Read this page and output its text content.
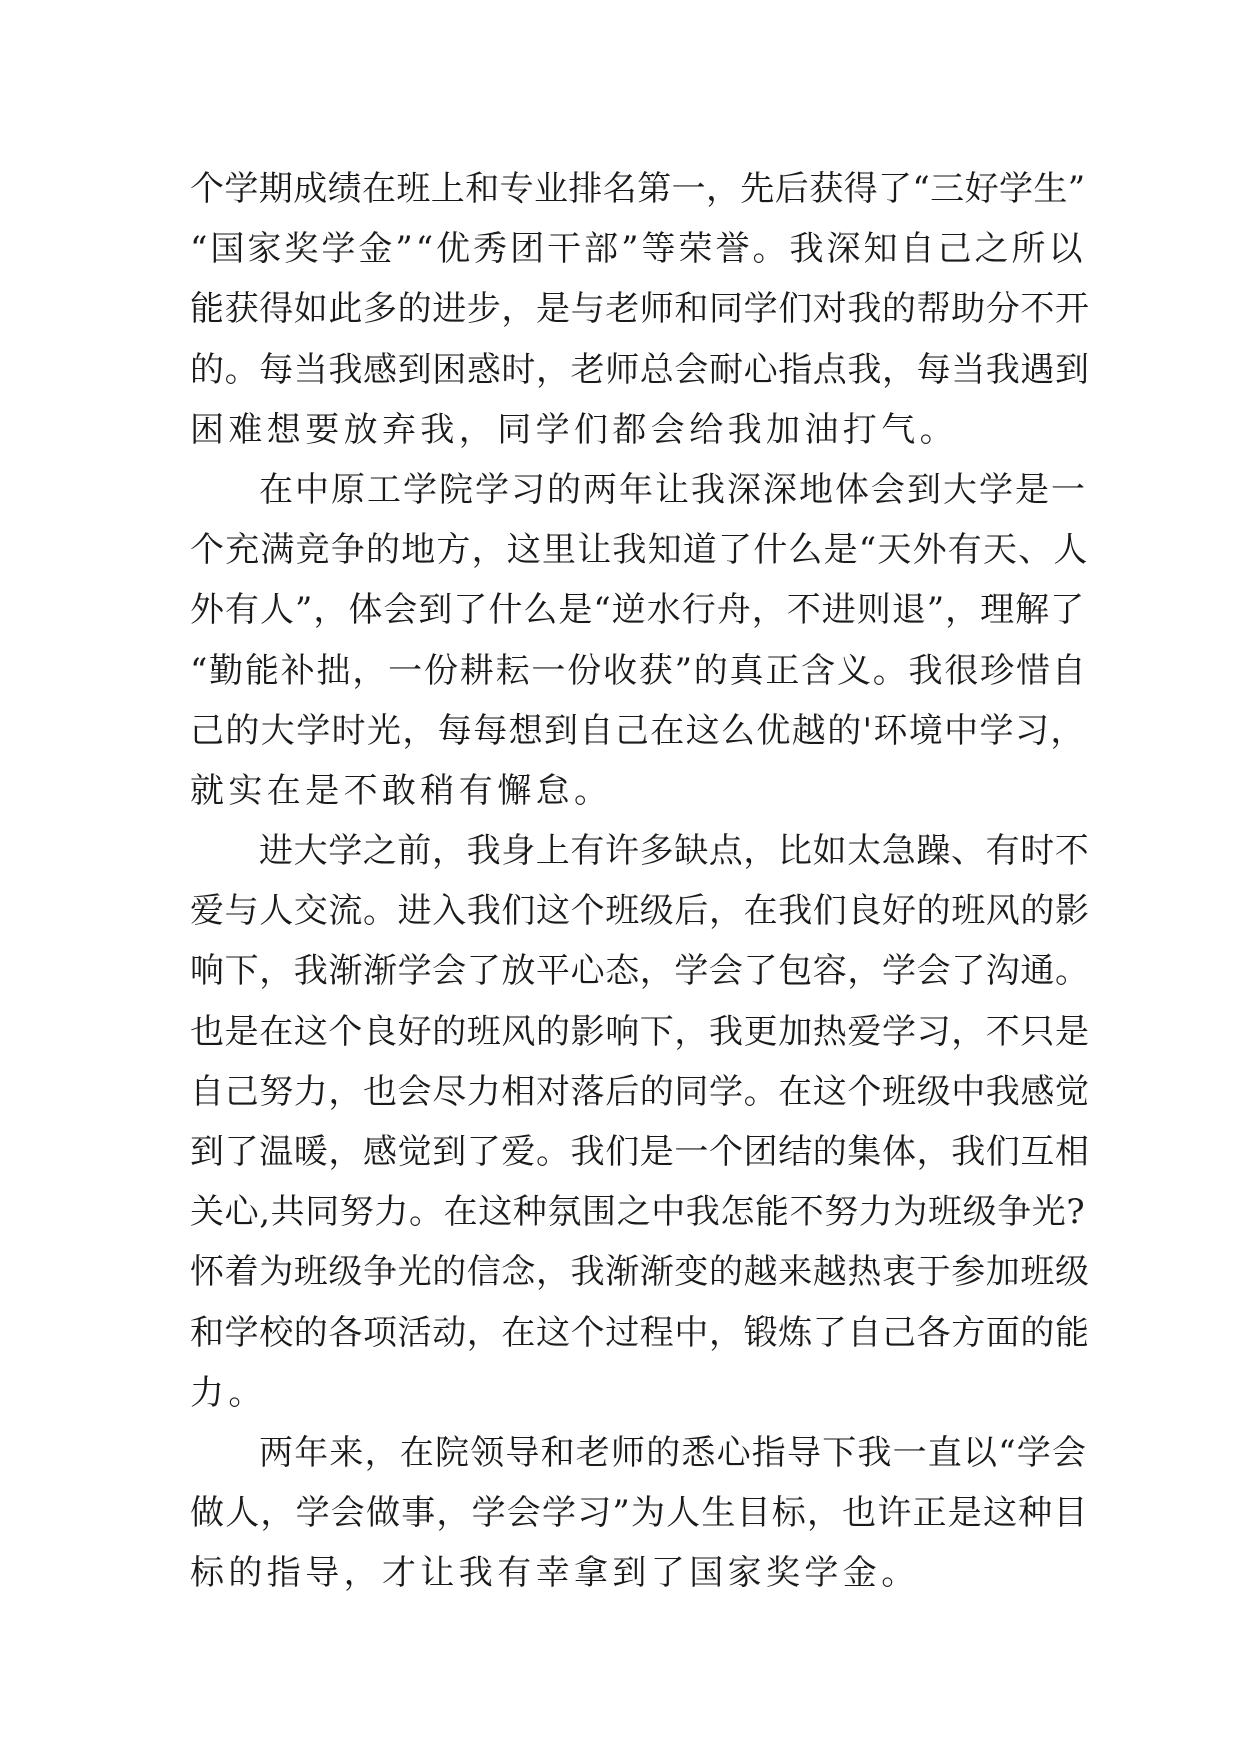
个学期成绩在班上和专业排名第一，先后获得了“三好学生”
“国家奖学金”“优秀团干部”等荣誉。我深知自己之所以
能获得如此多的进步，是与老师和同学们对我的帮助分不开
的。每当我感到困惑时，老师总会耐心指点我，每当我遇到
困难想要放弃我，同学们都会给我加油打气。
在中原工学院学习的两年让我深深地体会到大学是一
个充满竞争的地方，这里让我知道了什么是“天外有天、人
外有人”，体会到了什么是“逆水行舟，不进则退”，理解了
“勤能补拙，一份耕耘一份收获”的真正含义。我很珍惜自
己的大学时光，每每想到自己在这么优越的'环境中学习，
就实在是不敢稍有懈怠。
进大学之前，我身上有许多缺点，比如太急躁、有时不
爱与人交流。进入我们这个班级后，在我们良好的班风的影
响下，我渐渐学会了放平心态，学会了包容，学会了沟通。
也是在这个良好的班风的影响下，我更加热爱学习，不只是
自己努力，也会尽力相对落后的同学。在这个班级中我感觉
到了温暖，感觉到了爱。我们是一个团结的集体，我们互相
关心,共同努力。在这种氛围之中我怎能不努力为班级争光?
怀着为班级争光的信念，我渐渐变的越来越热衷于参加班级
和学校的各项活动，在这个过程中，锻炼了自己各方面的能
力。
两年来，在院领导和老师的悉心指导下我一直以“学会
做人，学会做事，学会学习”为人生目标，也许正是这种目
标的指导，才让我有幸拿到了国家奖学金。
